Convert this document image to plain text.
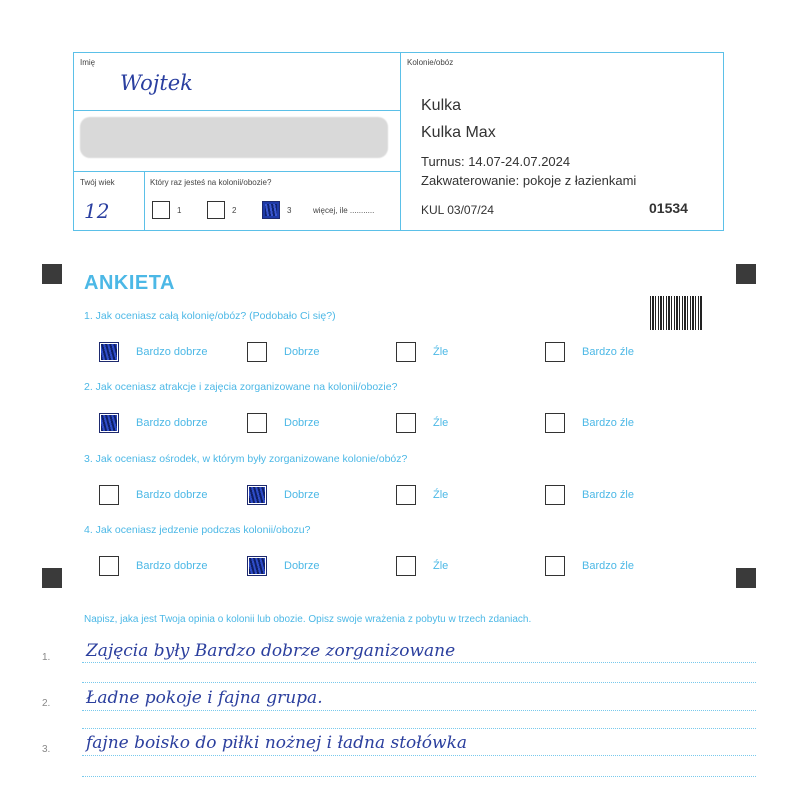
Imię
Wojtek
Twój wiek
12
Który raz jesteś na kolonii/obozie?
1	2	3	więcej, ile ...........
Kolonie/obóz
Kulka
Kulka Max
Turnus: 14.07-24.07.2024
Zakwaterowanie: pokoje z łazienkami
KUL 03/07/24	01534
ANKIETA
1. Jak oceniasz całą kolonię/obóz? (Podobało Ci się?)
Bardzo dobrze	Dobrze	Źle	Bardzo źle
2. Jak oceniasz atrakcje i zajęcia zorganizowane na kolonii/obozie?
Bardzo dobrze	Dobrze	Źle	Bardzo źle
3. Jak oceniasz ośrodek, w którym były zorganizowane kolonie/obóz?
Bardzo dobrze	Dobrze	Źle	Bardzo źle
4. Jak oceniasz jedzenie podczas kolonii/obozu?
Bardzo dobrze	Dobrze	Źle	Bardzo źle
Napisz, jaka jest Twoja opinia o kolonii lub obozie. Opisz swoje wrażenia z pobytu w trzech zdaniach.
1. Zajęcia były Bardzo dobrze zorganizowane
2. Ładne pokoje i fajna grupa.
3. fajne boisko do piłki nożnej i ładna stołówka
